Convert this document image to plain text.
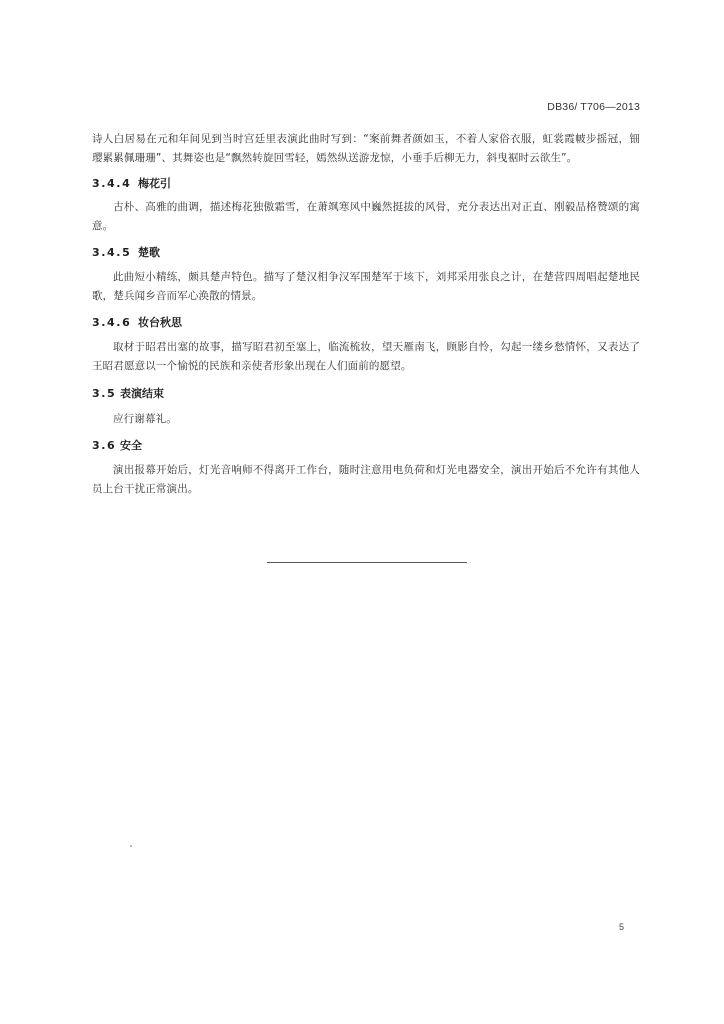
DB36/ T706—2013

诗人白居易在元和年间见到当时宫廷里表演此曲时写到：“案前舞者颜如玉，不着人家俗衣服，虹裳霞帔步摇冠，钿璎累累佩珊珊”、其舞姿也是“飘然转旋回雪轻，嫣然纵送游龙惊，小垂手后柳无力，斜曳裾时云欲生”。

3.4.4 梅花引

古朴、高雅的曲调，描述梅花独傲霜雪，在萧飒寒风中巍然挺拔的风骨，充分表达出对正直、刚毅品格赞颂的寓意。

3.4.5 楚歌

此曲短小精练，颇具楚声特色。描写了楚汉相争汉军围楚军于垓下，刘邦采用张良之计，在楚营四周唱起楚地民歌，楚兵闻乡音而军心涣散的情景。

3.4.6 妆台秋思

取材于昭君出塞的故事，描写昭君初至塞上，临流梳妆，望天雁南飞，顾影自怜，勾起一缕乡愁情怀，又表达了王昭君愿意以一个愉悦的民族和亲使者形象出现在人们面前的愿望。

3.5 表演结束

应行谢幕礼。

3.6 安全

演出报幕开始后，灯光音响师不得离开工作台，随时注意用电负荷和灯光电器安全，演出开始后不允许有其他人员上台干扰正常演出。

5
